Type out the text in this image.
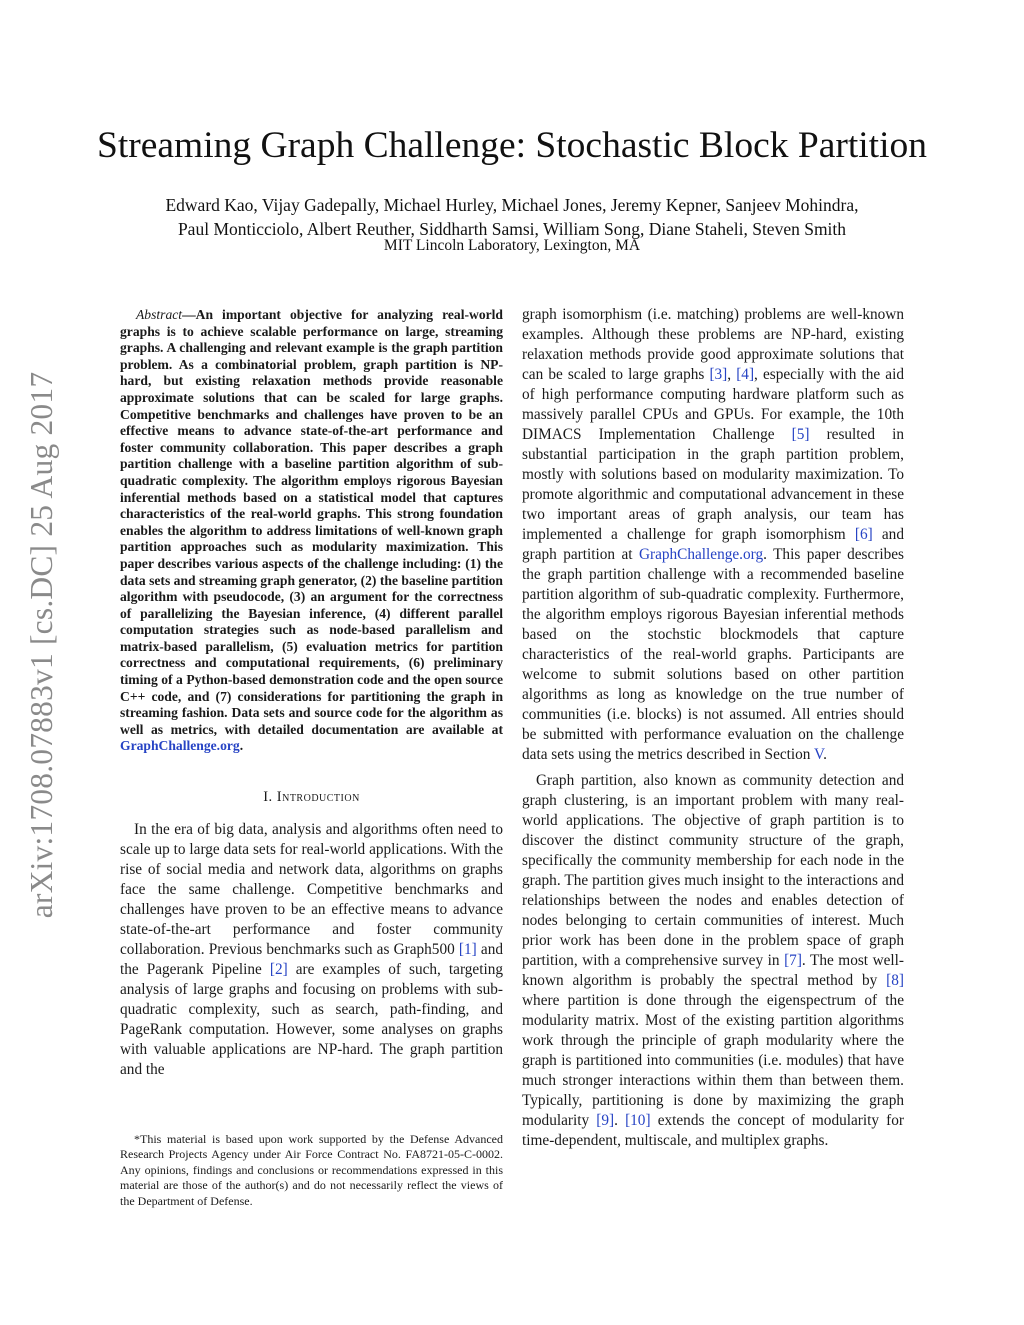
arXiv:1708.07883v1 [cs.DC] 25 Aug 2017
Streaming Graph Challenge: Stochastic Block Partition
Edward Kao, Vijay Gadepally, Michael Hurley, Michael Jones, Jeremy Kepner, Sanjeev Mohindra,
Paul Monticciolo, Albert Reuther, Siddharth Samsi, William Song, Diane Staheli, Steven Smith
MIT Lincoln Laboratory, Lexington, MA

Abstract—An important objective for analyzing real-world graphs is to achieve scalable performance on large, streaming graphs. A challenging and relevant example is the graph partition problem. As a combinatorial problem, graph partition is NP-hard, but existing relaxation methods provide reasonable approximate solutions that can be scaled for large graphs. Competitive benchmarks and challenges have proven to be an effective means to advance state-of-the-art performance and foster community collaboration. This paper describes a graph partition challenge with a baseline partition algorithm of sub-quadratic complexity. The algorithm employs rigorous Bayesian inferential methods based on a statistical model that captures characteristics of the real-world graphs. This strong foundation enables the algorithm to address limitations of well-known graph partition approaches such as modularity maximization. This paper describes various aspects of the challenge including: (1) the data sets and streaming graph generator, (2) the baseline partition algorithm with pseudocode, (3) an argument for the correctness of parallelizing the Bayesian inference, (4) different parallel computation strategies such as node-based parallelism and matrix-based parallelism, (5) evaluation metrics for partition correctness and computational requirements, (6) preliminary timing of a Python-based demonstration code and the open source C++ code, and (7) considerations for partitioning the graph in streaming fashion. Data sets and source code for the algorithm as well as metrics, with detailed documentation are available at GraphChallenge.org.

I. Introduction

In the era of big data, analysis and algorithms often need to scale up to large data sets for real-world applications. With the rise of social media and network data, algorithms on graphs face the same challenge. Competitive benchmarks and challenges have proven to be an effective means to advance state-of-the-art performance and foster community collaboration. Previous benchmarks such as Graph500 [1] and the Pagerank Pipeline [2] are examples of such, targeting analysis of large graphs and focusing on problems with sub-quadratic complexity, such as search, path-finding, and PageRank computation. However, some analyses on graphs with valuable applications are NP-hard. The graph partition and the

*This material is based upon work supported by the Defense Advanced Research Projects Agency under Air Force Contract No. FA8721-05-C-0002. Any opinions, findings and conclusions or recommendations expressed in this material are those of the author(s) and do not necessarily reflect the views of the Department of Defense.

graph isomorphism (i.e. matching) problems are well-known examples. Although these problems are NP-hard, existing relaxation methods provide good approximate solutions that can be scaled to large graphs [3], [4], especially with the aid of high performance computing hardware platform such as massively parallel CPUs and GPUs. For example, the 10th DIMACS Implementation Challenge [5] resulted in substantial participation in the graph partition problem, mostly with solutions based on modularity maximization. To promote algorithmic and computational advancement in these two important areas of graph analysis, our team has implemented a challenge for graph isomorphism [6] and graph partition at GraphChallenge.org. This paper describes the graph partition challenge with a recommended baseline partition algorithm of sub-quadratic complexity. Furthermore, the algorithm employs rigorous Bayesian inferential methods based on the stochstic blockmodels that capture characteristics of the real-world graphs. Participants are welcome to submit solutions based on other partition algorithms as long as knowledge on the true number of communities (i.e. blocks) is not assumed. All entries should be submitted with performance evaluation on the challenge data sets using the metrics described in Section V.

Graph partition, also known as community detection and graph clustering, is an important problem with many real-world applications. The objective of graph partition is to discover the distinct community structure of the graph, specifically the community membership for each node in the graph. The partition gives much insight to the interactions and relationships between the nodes and enables detection of nodes belonging to certain communities of interest. Much prior work has been done in the problem space of graph partition, with a comprehensive survey in [7]. The most well-known algorithm is probably the spectral method by [8] where partition is done through the eigenspectrum of the modularity matrix. Most of the existing partition algorithms work through the principle of graph modularity where the graph is partitioned into communities (i.e. modules) that have much stronger interactions within them than between them. Typically, partitioning is done by maximizing the graph modularity [9]. [10] extends the concept of modularity for time-dependent, multiscale, and multiplex graphs.
